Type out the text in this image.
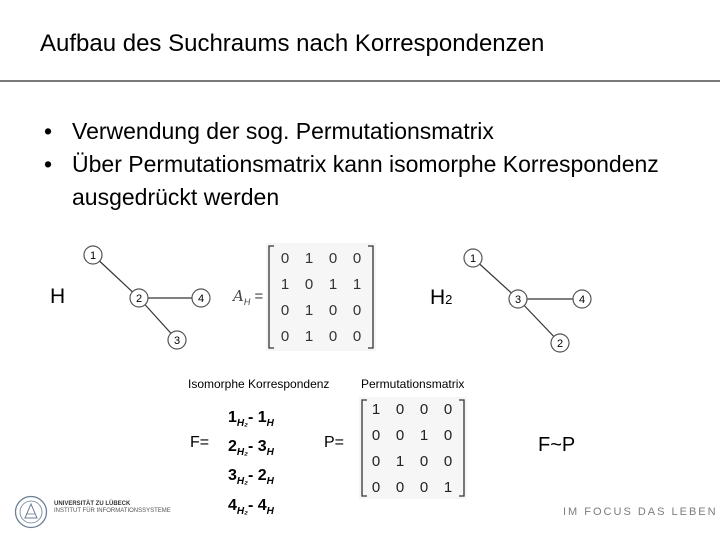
Aufbau des Suchraums nach Korrespondenzen
• Verwendung der sog. Permutationsmatrix
• Über Permutationsmatrix kann isomorphe Korrespondenz ausgedrückt werden
H
1
2	4
3
$A_H$ =
0 1 0 0
1 0 1 1
0 1 0 0
0 1 0 0
H2
1
3	4
2
Isomorphe Korrespondenz	Permutationsmatrix
F=
$1_{H_2}-$ $1_H$
$2_{H_2}-$ $3_H$
$3_{H_2}-$ $2_H$
$4_{H_2}-$ $4_H$
P=
1 0 0 0
0 0 1 0
0 1 0 0
0 0 0 1
F~P
UNIVERSITÄT ZU LÜBECK
INSTITUT FÜR INFORMATIONSSYSTEME	IM FOCUS DAS LEBEN
